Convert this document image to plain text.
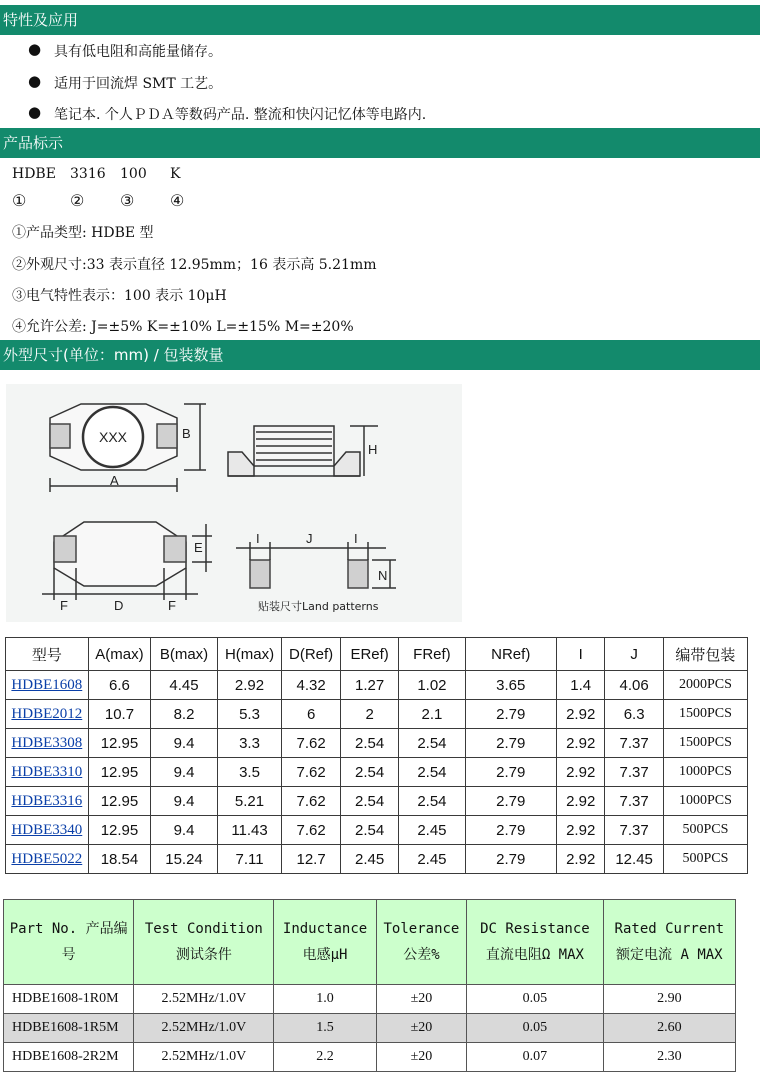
特性及应用
● 具有低电阻和高能量储存。
● 适用于回流焊 SMT 工艺。
● 笔记本. 个人ＰＤＡ等数码产品. 整流和快闪记忆体等电路内.
产品标示
HDBE 3316 100 K
①	② ③ ④
①产品类型: HDBE 型
②外观尺寸:33 表示直径 12.95mm；16 表示高 5.21mm
③电气特性表示：100 表示 10μH
④允许公差: J=±5% K=±10% L=±15% M=±20%
外型尺寸(单位：mm) / 包装数量
XXX
A
B
H
F	D	F
E
I	J	I
N
贴装尺寸Land patterns
型号	A(max)	B(max)	H(max)	D(Ref)	ERef)	FRef)	NRef)	I	J	编带包装
HDBE1608	6.6	4.45	2.92	4.32	1.27	1.02	3.65	1.4	4.06	2000PCS
HDBE2012	10.7	8.2	5.3	6	2	2.1	2.79	2.92	6.3	1500PCS
HDBE3308	12.95	9.4	3.3	7.62	2.54	2.54	2.79	2.92	7.37	1500PCS
HDBE3310	12.95	9.4	3.5	7.62	2.54	2.54	2.79	2.92	7.37	1000PCS
HDBE3316	12.95	9.4	5.21	7.62	2.54	2.54	2.79	2.92	7.37	1000PCS
HDBE3340	12.95	9.4	11.43	7.62	2.54	2.45	2.79	2.92	7.37	500PCS
HDBE5022	18.54	15.24	7.11	12.7	2.45	2.45	2.79	2.92	12.45	500PCS
Part No. 产品编号	Test Condition 测试条件	Inductance 电感μH	Tolerance 公差%	DC Resistance 直流电阻Ω MAX	Rated Current 额定电流 A MAX
HDBE1608-1R0M	2.52MHz/1.0V	1.0	±20	0.05	2.90
HDBE1608-1R5M	2.52MHz/1.0V	1.5	±20	0.05	2.60
HDBE1608-2R2M	2.52MHz/1.0V	2.2	±20	0.07	2.30
